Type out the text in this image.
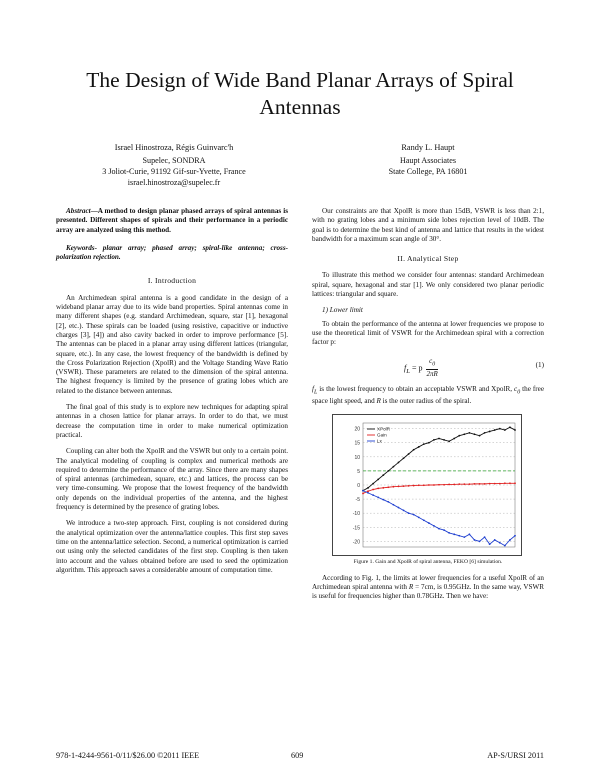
The Design of Wide Band Planar Arrays of Spiral Antennas
Israel Hinostroza, Régis Guinvarc'h
Supelec, SONDRA
3 Joliot-Curie, 91192 Gif-sur-Yvette, France
israel.hinostroza@supelec.fr
Randy L. Haupt
Haupt Associates
State College, PA 16801
Abstract—A method to design planar phased arrays of spiral antennas is presented. Different shapes of spirals and their performance in a periodic array are analyzed using this method.
Keywords- planar array; phased array; spiral-like antenna; cross-polarization rejection.
I. Introduction

An Archimedean spiral antenna is a good candidate in the design of a wideband planar array due to its wide band properties. Spiral antennas come in many different shapes (e.g. standard Archimedean, square, star [1], hexagonal [2], etc.). These spirals can be loaded (using resistive, capacitive or inductive charges [3], [4]) and also cavity backed in order to improve performance [5]. The antennas can be placed in a planar array using different lattices (triangular, square, etc.). In any case, the lowest frequency of the bandwidth is defined by the Cross Polarization Rejection (XpolR) and the Voltage Standing Wave Ratio (VSWR). These parameters are related to the dimension of the spiral antenna. The highest frequency is limited by the presence of grating lobes which are related to the distance between antennas.

The final goal of this study is to explore new techniques for adapting spiral antennas in a chosen lattice for planar arrays. In order to do that, we must decrease the computation time in order to make numerical optimization practical.

Coupling can alter both the XpolR and the VSWR but only to a certain point. The analytical modeling of coupling is complex and numerical methods are required to determine the performance of the array. Since there are many shapes of spiral antennas (archimedean, square, etc.) and lattices, the process can be very time-consuming. We propose that the lowest frequency of the bandwidth only depends on the individual properties of the antenna, and the highest frequency is determined by the presence of grating lobes.

We introduce a two-step approach. First, coupling is not considered during the analytical optimization over the antenna/lattice couples. This first step saves time on the antenna/lattice selection. Second, a numerical optimization is carried out using only the selected candidates of the first step. Coupling is then taken into account and the values obtained before are used to seed the optimization algorithm. This approach saves a considerable amount of computation time.

Our constraints are that XpolR is more than 15dB, VSWR is less than 2:1, with no grating lobes and a minimum side lobes rejection level of 10dB. The goal is to determine the best kind of antenna and lattice that results in the widest bandwidth for a maximum scan angle of 30°.

II. Analytical Step

To illustrate this method we consider four antennas: standard Archimedean spiral, square, hexagonal and star [1]. We only considered two planar periodic lattices: triangular and square.

1) Lower limit

To obtain the performance of the antenna at lower frequencies we propose to use the theoretical limit of VSWR for the Archimedean spiral with a correction factor p:

$f_L = p \frac{c_0}{2\pi R}$	(1)

$f_L$ is the lowest frequency to obtain an acceptable VSWR and XpolR, $c_0$ the free space light speed, and R is the outer radius of the spiral.

20
15
10
5
0
-5
-10
-15
-20
XPolR
Gain
Lx
Figure 1. Gain and XpolR of spiral antenna, FEKO [6] simulation.

According to Fig. 1, the limits at lower frequencies for a useful XpolR of an Archimedean spiral antenna with R = 7cm, is 0.95GHz. In the same way, VSWR is useful for frequencies higher than 0.78GHz. Then we have:

978-1-4244-9561-0/11/$26.00 ©2011 IEEE	609	AP-S/URSI 2011
